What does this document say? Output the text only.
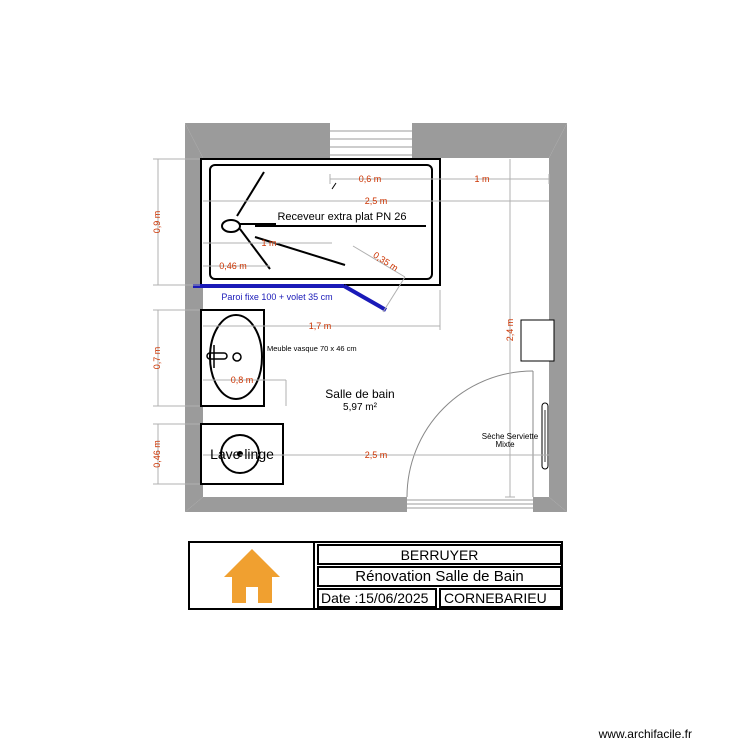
0,6 m	1 m
2,5 m
1 m
0,46 m	0,35 m
1,7 m
0,8 m
2,5 m
2,4 m
0,9 m
0,7 m
0,46 m
Receveur extra plat PN 26
Paroi fixe 100 + volet 35 cm
Meuble vasque 70 x 46 cm
Salle de bain
5,97 m²
Lave linge
Sèche Serviette
Mixte
BERRUYER
Rénovation Salle de Bain
Date :15/06/2025 CORNEBARIEU
www.archifacile.fr
